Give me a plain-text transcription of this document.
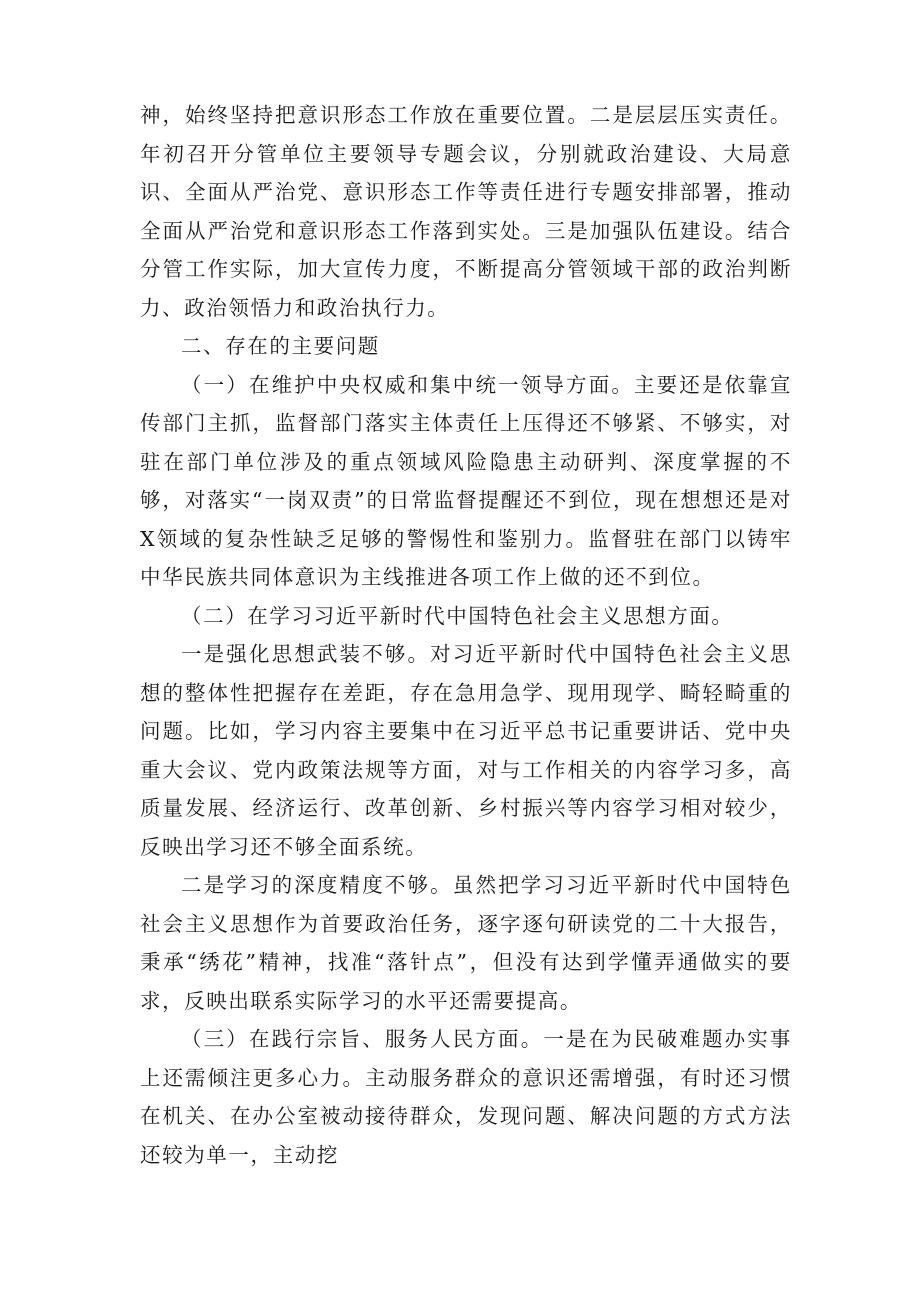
神，始终坚持把意识形态工作放在重要位置。二是层层压实责任。年初召开分管单位主要领导专题会议，分别就政治建设、大局意识、全面从严治党、意识形态工作等责任进行专题安排部署，推动全面从严治党和意识形态工作落到实处。三是加强队伍建设。结合分管工作实际，加大宣传力度，不断提高分管领域干部的政治判断力、政治领悟力和政治执行力。

二、存在的主要问题

（一）在维护中央权威和集中统一领导方面。主要还是依靠宣传部门主抓，监督部门落实主体责任上压得还不够紧、不够实，对驻在部门单位涉及的重点领域风险隐患主动研判、深度掌握的不够，对落实“一岗双责”的日常监督提醒还不到位，现在想想还是对X领域的复杂性缺乏足够的警惕性和鉴别力。监督驻在部门以铸牢中华民族共同体意识为主线推进各项工作上做的还不到位。

（二）在学习习近平新时代中国特色社会主义思想方面。

一是强化思想武装不够。对习近平新时代中国特色社会主义思想的整体性把握存在差距，存在急用急学、现用现学、畸轻畸重的问题。比如，学习内容主要集中在习近平总书记重要讲话、党中央重大会议、党内政策法规等方面，对与工作相关的内容学习多，高质量发展、经济运行、改革创新、乡村振兴等内容学习相对较少，反映出学习还不够全面系统。

二是学习的深度精度不够。虽然把学习习近平新时代中国特色社会主义思想作为首要政治任务，逐字逐句研读党的二十大报告，秉承“绣花”精神，找准“落针点”，但没有达到学懂弄通做实的要求，反映出联系实际学习的水平还需要提高。

（三）在践行宗旨、服务人民方面。一是在为民破难题办实事上还需倾注更多心力。主动服务群众的意识还需增强，有时还习惯在机关、在办公室被动接待群众，发现问题、解决问题的方式方法还较为单一，主动挖
